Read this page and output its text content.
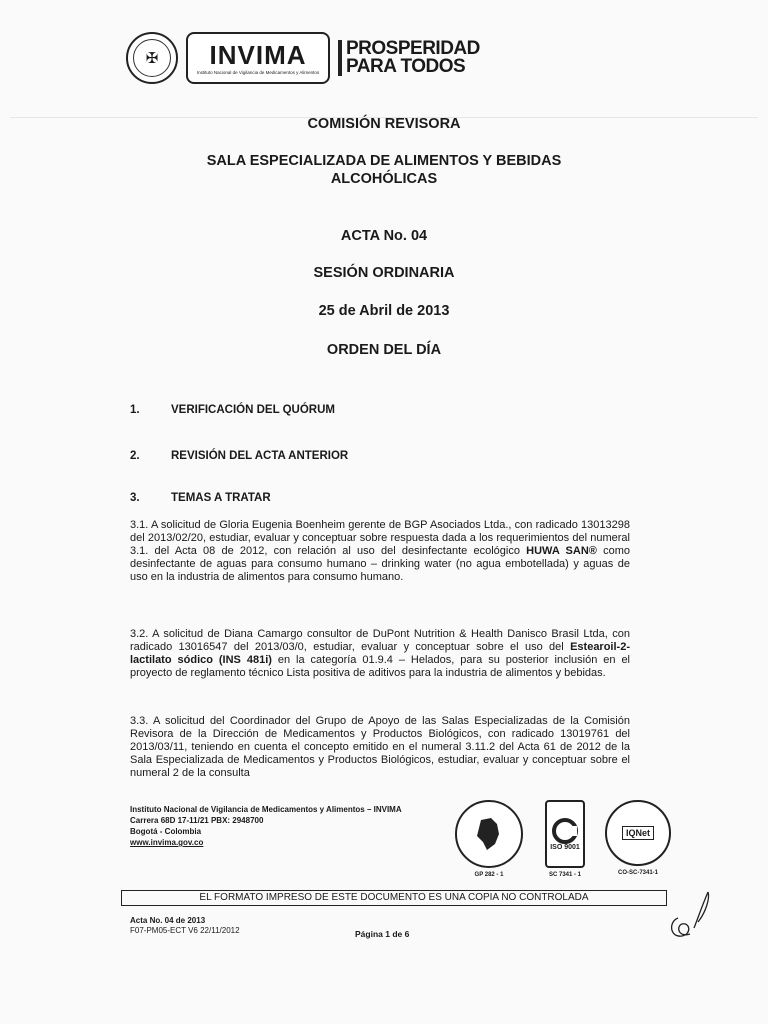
✠	INVIMA
Instituto Nacional de Vigilancia de Medicamentos y Alimentos
PROSPERIDAD
PARA TODOS
COMISIÓN REVISORA
SALA ESPECIALIZADA DE ALIMENTOS Y BEBIDAS
ALCOHÓLICAS
ACTA No. 04
SESIÓN ORDINARIA
25 de Abril de 2013
ORDEN DEL DÍA
1.	VERIFICACIÓN DEL QUÓRUM
2.	REVISIÓN DEL ACTA ANTERIOR
3.	TEMAS A TRATAR
3.1. A solicitud de Gloria Eugenia Boenheim gerente de BGP Asociados Ltda., con radicado 13013298 del 2013/02/20, estudiar, evaluar y conceptuar sobre respuesta dada a los requerimientos del numeral 3.1. del Acta 08 de 2012, con relación al uso del desinfectante ecológico HUWA SAN® como desinfectante de aguas para consumo humano – drinking water (no agua embotellada) y aguas de uso en la industria de alimentos para consumo humano.
3.2. A solicitud de Diana Camargo consultor de DuPont Nutrition & Health Danisco Brasil Ltda, con radicado 13016547 del 2013/03/0, estudiar, evaluar y conceptuar sobre el uso del Estearoil-2-lactilato sódico (INS 481i) en la categoría 01.9.4 – Helados, para su posterior inclusión en el proyecto de reglamento técnico Lista positiva de aditivos para la industria de alimentos y bebidas.
3.3. A solicitud del Coordinador del Grupo de Apoyo de las Salas Especializadas de la Comisión Revisora de la Dirección de Medicamentos y Productos Biológicos, con radicado 13019761 del 2013/03/11, teniendo en cuenta el concepto emitido en el numeral 3.11.2 del Acta 61 de 2012 de la Sala Especializada de Medicamentos y Productos Biológicos, estudiar, evaluar y conceptuar sobre el numeral 2 de la consulta
Instituto Nacional de Vigilancia de Medicamentos y Alimentos – INVIMA
Carrera 68D 17-11/21 PBX: 2948700
Bogotá - Colombia
www.invima.gov.co
GP 282 - 1
ISO 9001
SC 7341 - 1
IQNet
CO-SC-7341-1
EL FORMATO IMPRESO DE ESTE DOCUMENTO ES UNA COPIA NO CONTROLADA
Acta No. 04 de 2013
F07-PM05-ECT V6 22/11/2012	Página 1 de 6
